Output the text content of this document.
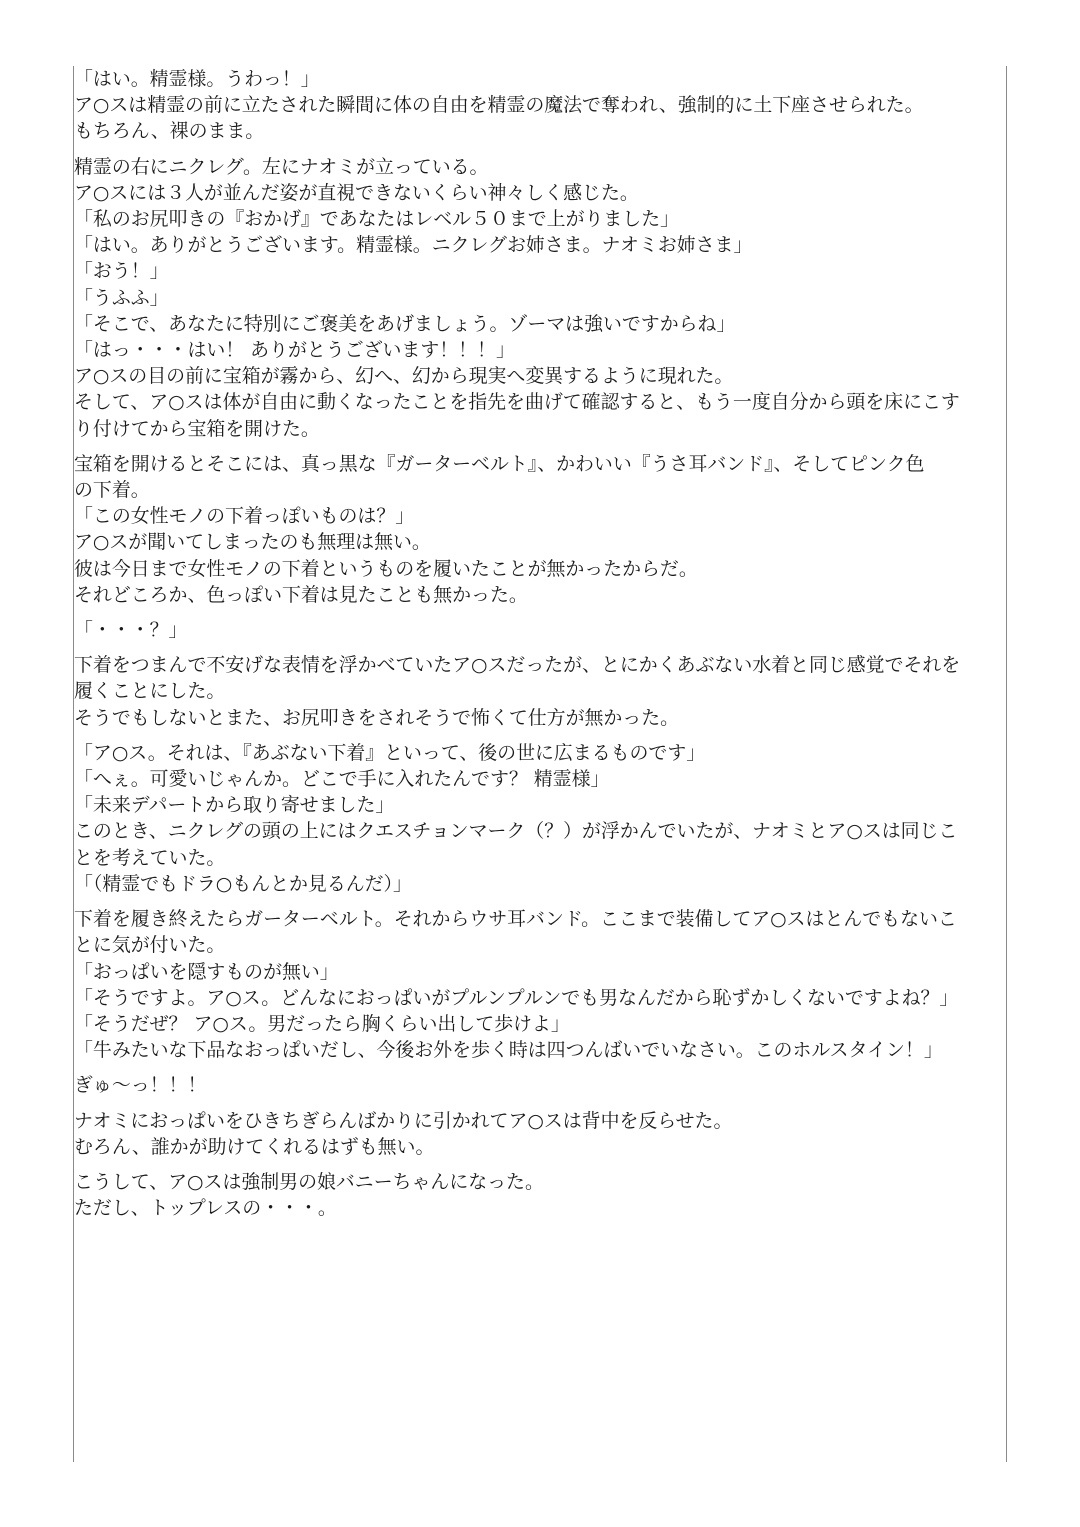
「はい。精霊様。うわっ！」
ア○スは精霊の前に立たされた瞬間に体の自由を精霊の魔法で奪われ、強制的に土下座させられた。
もちろん、裸のまま。
精霊の右にニクレグ。左にナオミが立っている。
ア○スには３人が並んだ姿が直視できないくらい神々しく感じた。
「私のお尻叩きの『おかげ』であなたはレベル５０まで上がりました」
「はい。ありがとうございます。精霊様。ニクレグお姉さま。ナオミお姉さま」
「おう！」
「うふふ」
「そこで、あなたに特別にご褒美をあげましょう。ゾーマは強いですからね」
「はっ・・・はい！ ありがとうございます！！！」
ア○スの目の前に宝箱が霧から、幻へ、幻から現実へ変異するように現れた。
そして、ア○スは体が自由に動くなったことを指先を曲げて確認すると、もう一度自分から頭を床にこす
り付けてから宝箱を開けた。
宝箱を開けるとそこには、真っ黒な『ガーターベルト』、かわいい『うさ耳バンド』、そしてピンク色
の下着。
「この女性モノの下着っぽいものは？」
ア○スが聞いてしまったのも無理は無い。
彼は今日まで女性モノの下着というものを履いたことが無かったからだ。
それどころか、色っぽい下着は見たことも無かった。
「・・・？」
下着をつまんで不安げな表情を浮かべていたア○スだったが、とにかくあぶない水着と同じ感覚でそれを
履くことにした。
そうでもしないとまた、お尻叩きをされそうで怖くて仕方が無かった。
「ア○ス。それは、『あぶない下着』といって、後の世に広まるものです」
「へぇ。可愛いじゃんか。どこで手に入れたんです？ 精霊様」
「未来デパートから取り寄せました」
このとき、ニクレグの頭の上にはクエスチョンマーク（？）が浮かんでいたが、ナオミとア○スは同じこ
とを考えていた。
「（精霊でもドラ○もんとか見るんだ）」
下着を履き終えたらガーターベルト。それからウサ耳バンド。ここまで装備してア○スはとんでもないこ
とに気が付いた。
「おっぱいを隠すものが無い」
「そうですよ。ア○ス。どんなにおっぱいがプルンプルンでも男なんだから恥ずかしくないですよね？」
「そうだぜ？ ア○ス。男だったら胸くらい出して歩けよ」
「牛みたいな下品なおっぱいだし、今後お外を歩く時は四つんばいでいなさい。このホルスタイン！」
ぎゅ～っ！！！
ナオミにおっぱいをひきちぎらんばかりに引かれてア○スは背中を反らせた。
むろん、誰かが助けてくれるはずも無い。
こうして、ア○スは強制男の娘バニーちゃんになった。
ただし、トップレスの・・・。
